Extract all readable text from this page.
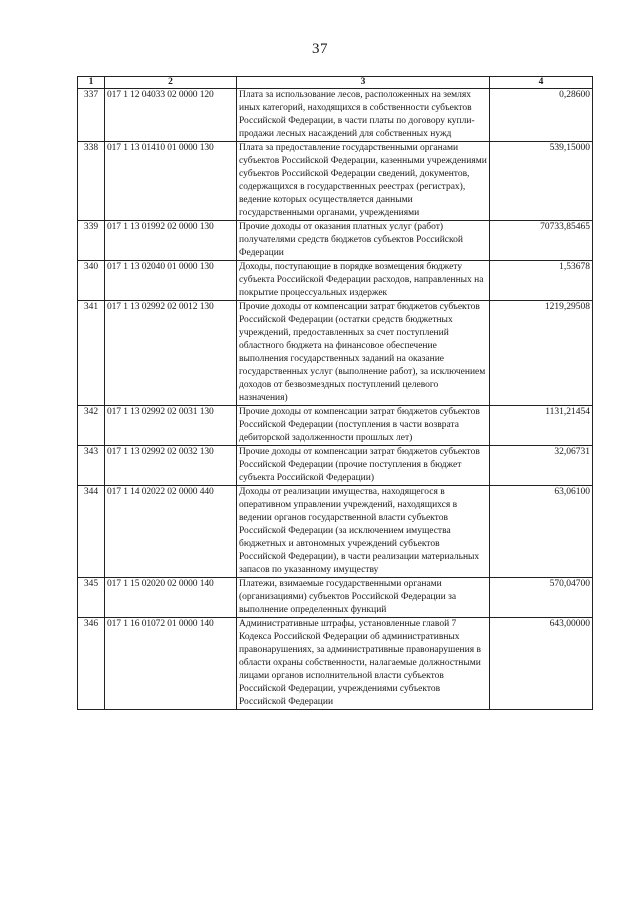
37
1	2	3	4
337	017 1 12 04033 02 0000 120	Плата за использование лесов, расположенных на землях иных категорий, находящихся в собственности субъектов Российской Федерации, в части платы по договору купли-продажи лесных насаждений для собственных нужд	0,28600
338	017 1 13 01410 01 0000 130	Плата за предоставление государственными органами субъектов Российской Федерации, казенными учреждениями субъектов Российской Федерации сведений, документов, содержащихся в государственных реестрах (регистрах), ведение которых осуществляется данными государственными органами, учреждениями	539,15000
339	017 1 13 01992 02 0000 130	Прочие доходы от оказания платных услуг (работ) получателями средств бюджетов субъектов Российской Федерации	70733,85465
340	017 1 13 02040 01 0000 130	Доходы, поступающие в порядке возмещения бюджету субъекта Российской Федерации расходов, направленных на покрытие процессуальных издержек	1,53678
341	017 1 13 02992 02 0012 130	Прочие доходы от компенсации затрат бюджетов субъектов Российской Федерации (остатки средств бюджетных учреждений, предоставленных за счет поступлений областного бюджета на финансовое обеспечение выполнения государственных заданий на оказание государственных услуг (выполнение работ), за исключением доходов от безвозмездных поступлений целевого назначения)	1219,29508
342	017 1 13 02992 02 0031 130	Прочие доходы от компенсации затрат бюджетов субъектов Российской Федерации (поступления в части возврата дебиторской задолженности прошлых лет)	1131,21454
343	017 1 13 02992 02 0032 130	Прочие доходы от компенсации затрат бюджетов субъектов Российской Федерации (прочие поступления в бюджет субъекта Российской Федерации)	32,06731
344	017 1 14 02022 02 0000 440	Доходы от реализации имущества, находящегося в оперативном управлении учреждений, находящихся в ведении органов государственной власти субъектов Российской Федерации (за исключением имущества бюджетных и автономных учреждений субъектов Российской Федерации), в части реализации материальных запасов по указанному имуществу	63,06100
345	017 1 15 02020 02 0000 140	Платежи, взимаемые государственными органами (организациями) субъектов Российской Федерации за выполнение определенных функций	570,04700
346	017 1 16 01072 01 0000 140	Административные штрафы, установленные главой 7 Кодекса Российской Федерации об административных правонарушениях, за административные правонарушения в области охраны собственности, налагаемые должностными лицами органов исполнительной власти субъектов Российской Федерации, учреждениями субъектов Российской Федерации	643,00000
